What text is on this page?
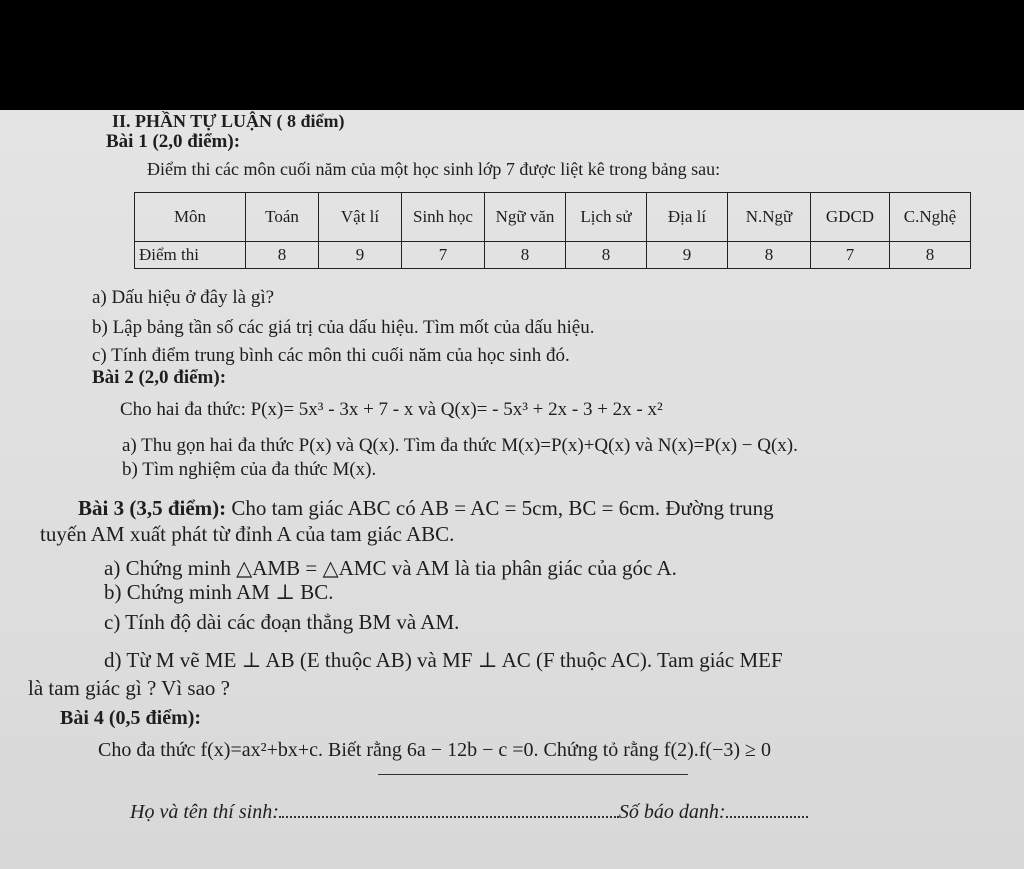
II. PHẦN TỰ LUẬN ( 8 điểm)
Bài 1 (2,0 điểm):
Điểm thi các môn cuối năm của một học sinh lớp 7 được liệt kê trong bảng sau:
Môn	Toán	Vật lí	Sinh học	Ngữ văn	Lịch sử	Địa lí	N.Ngữ	GDCD	C.Nghệ
Điểm thi	8	9	7	8	8	9	8	7	8
a) Dấu hiệu ở đây là gì?
b) Lập bảng tần số các giá trị của dấu hiệu. Tìm mốt của dấu hiệu.
c) Tính điểm trung bình các môn thi cuối năm của học sinh đó.
Bài 2 (2,0 điểm):
Cho hai đa thức: P(x)= 5x³ - 3x + 7 - x và Q(x)= - 5x³ + 2x - 3 + 2x - x²
a) Thu gọn hai đa thức P(x) và Q(x). Tìm đa thức M(x)=P(x)+Q(x) và N(x)=P(x) − Q(x).
b) Tìm nghiệm của đa thức M(x).
Bài 3 (3,5 điểm): Cho tam giác ABC có AB = AC = 5cm, BC = 6cm. Đường trung
tuyến AM xuất phát từ đỉnh A của tam giác ABC.
a) Chứng minh △AMB = △AMC và AM là tia phân giác của góc A.
b) Chứng minh AM ⊥ BC.
c) Tính độ dài các đoạn thẳng BM và AM.
d) Từ M vẽ ME ⊥ AB (E thuộc AB) và MF ⊥ AC (F thuộc AC). Tam giác MEF
là tam giác gì ? Vì sao ?
Bài 4 (0,5 điểm):
Cho đa thức f(x)=ax²+bx+c. Biết rằng 6a − 12b − c =0. Chứng tỏ rằng f(2).f(−3) ≥ 0
Họ và tên thí sinh:	Số báo danh:
